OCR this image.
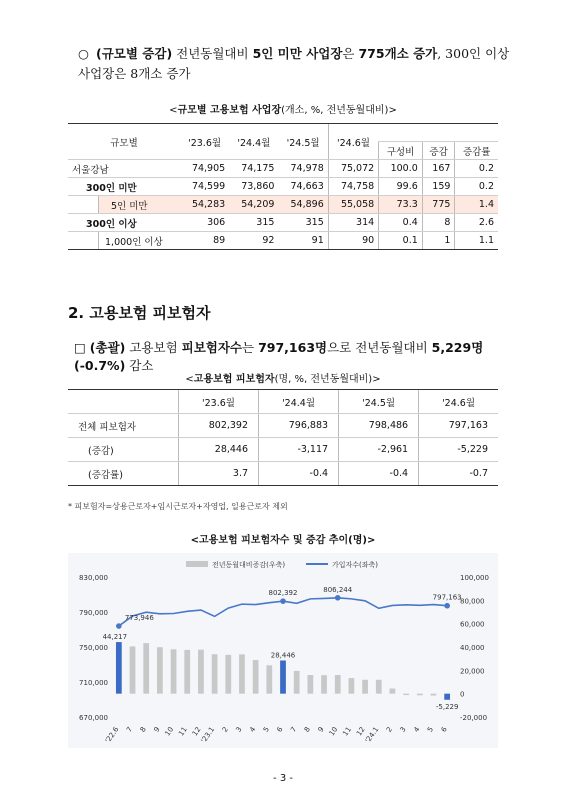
○ (규모별 증감) 전년동월대비 5인 미만 사업장은 775개소 증가, 300인 이상 사업장은 8개소 증가
<규모별 고용보험 사업장(개소, %, 전년동월대비)>
규모별		'23.6월	'24.4월	'24.5월	'24.6월			
						구성비	증감	증감률
서울강남		74,905	74,175	74,978	75,072	100.0	167	0.2
300인 미만		74,599	73,860	74,663	74,758	99.6	159	0.2
	5인 미만	54,283	54,209	54,896	55,058	73.3	775	1.4
300인 이상		306	315	315	314	0.4	8	2.6
	1,000인 이상	89	92	91	90	0.1	1	1.1
2. 고용보험 피보험자
□ (총괄) 고용보험 피보험자수는 797,163명으로 전년동월대비 5,229명(-0.7%) 감소
<고용보험 피보험자(명, %, 전년동월대비)>
	'23.6월	'24.4월	'24.5월	'24.6월
전체 피보험자	802,392	796,883	798,486	797,163
(증감)	28,446	-3,117	-2,961	-5,229
(증감률)	3.7	-0.4	-0.4	-0.7
* 피보험자=상용근로자+임시근로자+자영업, 일용근로자 제외
<고용보험 피보험자수 및 증감 추이(명)>
전년동월대비증감(우축)	가입자수(좌축)
830,000
790,000
750,000
710,000
670,000
100,000
80,000
60,000
40,000
20,000
0
-20,000
773,946
44,217
802,392
28,446
806,244
797,163
-5,229
'22.6 7 8 9 10 11 12
'23.1 2 3 4 5 6 7 8 9 10 11 12
'24.1 2 3 4 5 6
- 3 -
